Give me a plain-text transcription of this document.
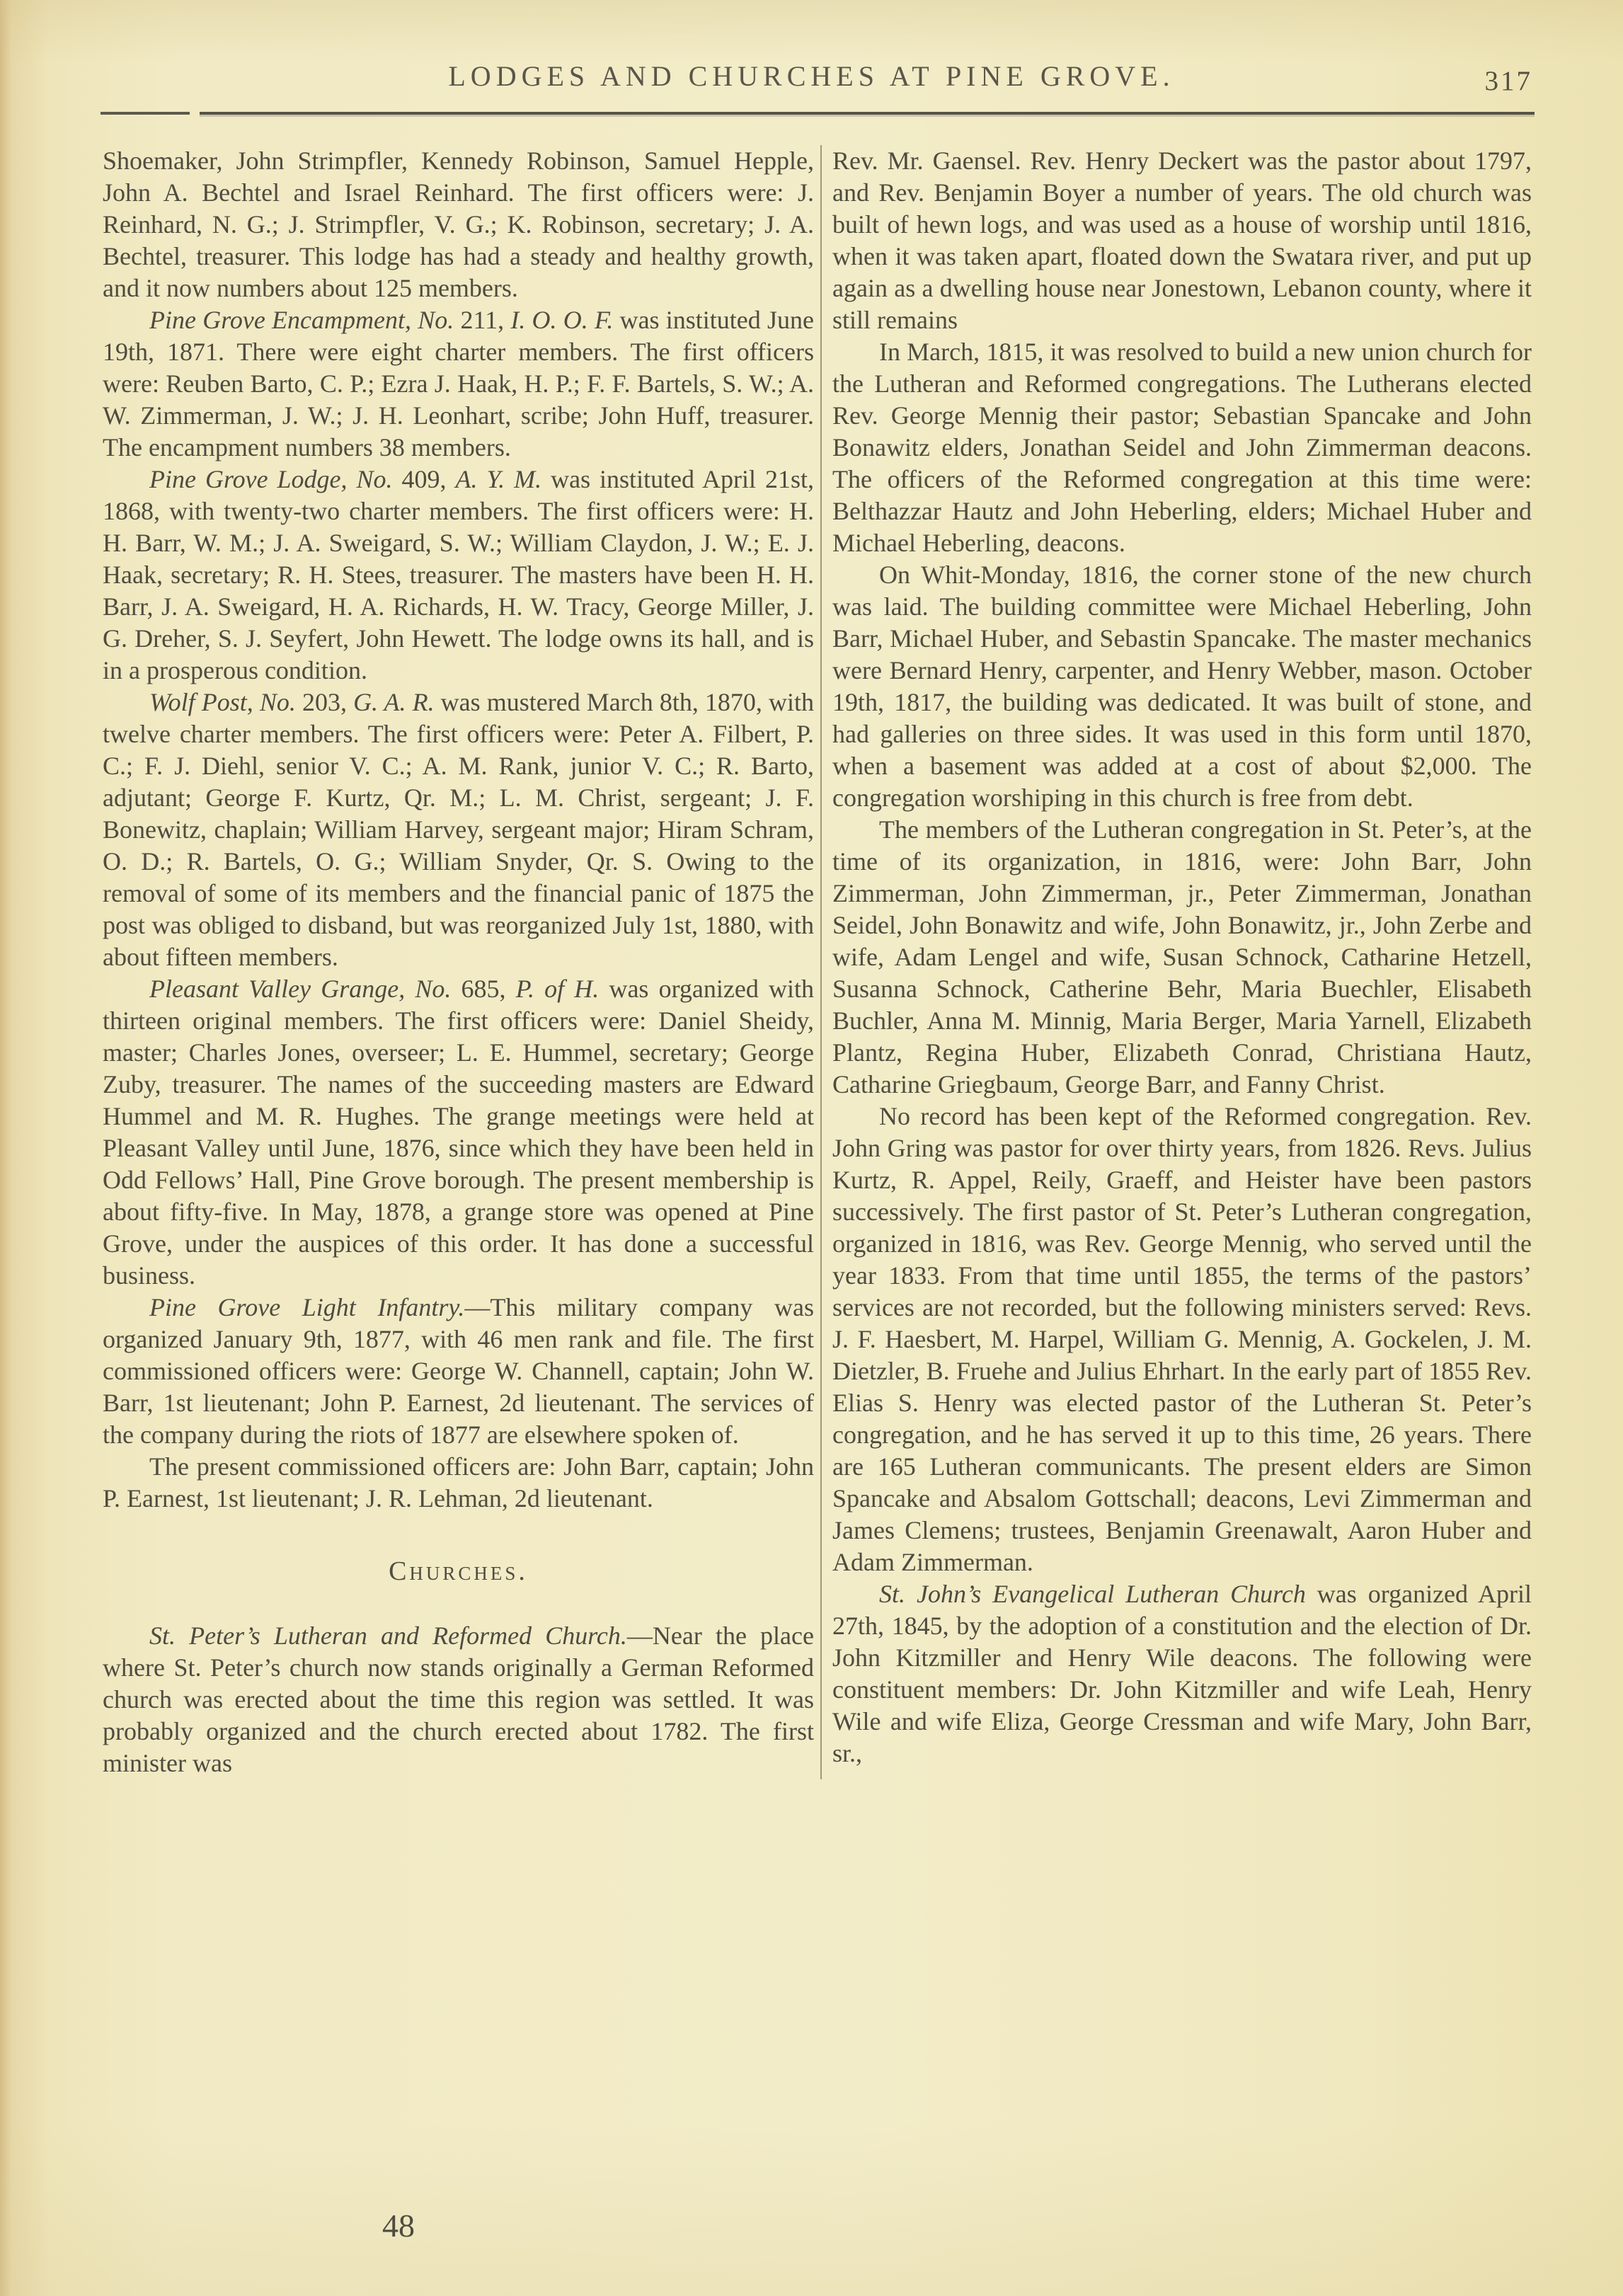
LODGES AND CHURCHES AT PINE GROVE.	317

Shoemaker, John Strimpfler, Kennedy Robinson, Samuel Hepple, John A. Bechtel and Israel Reinhard. The first officers were: J. Reinhard, N. G.; J. Strimpfler, V. G.; K. Robinson, secretary; J. A. Bechtel, treasurer. This lodge has had a steady and healthy growth, and it now numbers about 125 members.

Pine Grove Encampment, No. 211, I. O. O. F. was instituted June 19th, 1871. There were eight charter members. The first officers were: Reuben Barto, C. P.; Ezra J. Haak, H. P.; F. F. Bartels, S. W.; A. W. Zimmerman, J. W.; J. H. Leonhart, scribe; John Huff, treasurer. The encampment numbers 38 members.

Pine Grove Lodge, No. 409, A. Y. M. was instituted April 21st, 1868, with twenty-two charter members. The first officers were: H. H. Barr, W. M.; J. A. Sweigard, S. W.; William Claydon, J. W.; E. J. Haak, secretary; R. H. Stees, treasurer. The masters have been H. H. Barr, J. A. Sweigard, H. A. Richards, H. W. Tracy, George Miller, J. G. Dreher, S. J. Seyfert, John Hewett. The lodge owns its hall, and is in a prosperous condition.

Wolf Post, No. 203, G. A. R. was mustered March 8th, 1870, with twelve charter members. The first officers were: Peter A. Filbert, P. C.; F. J. Diehl, senior V. C.; A. M. Rank, junior V. C.; R. Barto, adjutant; George F. Kurtz, Qr. M.; L. M. Christ, sergeant; J. F. Bonewitz, chaplain; William Harvey, sergeant major; Hiram Schram, O. D.; R. Bartels, O. G.; William Snyder, Qr. S. Owing to the removal of some of its members and the financial panic of 1875 the post was obliged to disband, but was reorganized July 1st, 1880, with about fifteen members.

Pleasant Valley Grange, No. 685, P. of H. was organized with thirteen original members. The first officers were: Daniel Sheidy, master; Charles Jones, overseer; L. E. Hummel, secretary; George Zuby, treasurer. The names of the succeeding masters are Edward Hummel and M. R. Hughes. The grange meetings were held at Pleasant Valley until June, 1876, since which they have been held in Odd Fellows’ Hall, Pine Grove borough. The present membership is about fifty-five. In May, 1878, a grange store was opened at Pine Grove, under the auspices of this order. It has done a successful business.

Pine Grove Light Infantry.—This military company was organized January 9th, 1877, with 46 men rank and file. The first commissioned officers were: George W. Channell, captain; John W. Barr, 1st lieutenant; John P. Earnest, 2d lieutenant. The services of the company during the riots of 1877 are elsewhere spoken of.

The present commissioned officers are: John Barr, captain; John P. Earnest, 1st lieutenant; J. R. Lehman, 2d lieutenant.

Churches.

St. Peter’s Lutheran and Reformed Church.—Near the place where St. Peter’s church now stands originally a German Reformed church was erected about the time this region was settled. It was probably organized and the church erected about 1782. The first minister was

Rev. Mr. Gaensel. Rev. Henry Deckert was the pastor about 1797, and Rev. Benjamin Boyer a number of years. The old church was built of hewn logs, and was used as a house of worship until 1816, when it was taken apart, floated down the Swatara river, and put up again as a dwelling house near Jonestown, Lebanon county, where it still remains

In March, 1815, it was resolved to build a new union church for the Lutheran and Reformed congregations. The Lutherans elected Rev. George Mennig their pastor; Sebastian Spancake and John Bonawitz elders, Jonathan Seidel and John Zimmerman deacons. The officers of the Reformed congregation at this time were: Belthazzar Hautz and John Heberling, elders; Michael Huber and Michael Heberling, deacons.

On Whit-Monday, 1816, the corner stone of the new church was laid. The building committee were Michael Heberling, John Barr, Michael Huber, and Sebastin Spancake. The master mechanics were Bernard Henry, carpenter, and Henry Webber, mason. October 19th, 1817, the building was dedicated. It was built of stone, and had galleries on three sides. It was used in this form until 1870, when a basement was added at a cost of about $2,000. The congregation worshiping in this church is free from debt.

The members of the Lutheran congregation in St. Peter’s, at the time of its organization, in 1816, were: John Barr, John Zimmerman, John Zimmerman, jr., Peter Zimmerman, Jonathan Seidel, John Bonawitz and wife, John Bonawitz, jr., John Zerbe and wife, Adam Lengel and wife, Susan Schnock, Catharine Hetzell, Susanna Schnock, Catherine Behr, Maria Buechler, Elisabeth Buchler, Anna M. Minnig, Maria Berger, Maria Yarnell, Elizabeth Plantz, Regina Huber, Elizabeth Conrad, Christiana Hautz, Catharine Griegbaum, George Barr, and Fanny Christ.

No record has been kept of the Reformed congregation. Rev. John Gring was pastor for over thirty years, from 1826. Revs. Julius Kurtz, R. Appel, Reily, Graeff, and Heister have been pastors successively. The first pastor of St. Peter’s Lutheran congregation, organized in 1816, was Rev. George Mennig, who served until the year 1833. From that time until 1855, the terms of the pastors’ services are not recorded, but the following ministers served: Revs. J. F. Haesbert, M. Harpel, William G. Mennig, A. Gockelen, J. M. Dietzler, B. Fruehe and Julius Ehrhart. In the early part of 1855 Rev. Elias S. Henry was elected pastor of the Lutheran St. Peter’s congregation, and he has served it up to this time, 26 years. There are 165 Lutheran communicants. The present elders are Simon Spancake and Absalom Gottschall; deacons, Levi Zimmerman and James Clemens; trustees, Benjamin Greenawalt, Aaron Huber and Adam Zimmerman.

St. John’s Evangelical Lutheran Church was organized April 27th, 1845, by the adoption of a constitution and the election of Dr. John Kitzmiller and Henry Wile deacons. The following were constituent members: Dr. John Kitzmiller and wife Leah, Henry Wile and wife Eliza, George Cressman and wife Mary, John Barr, sr.,

48
